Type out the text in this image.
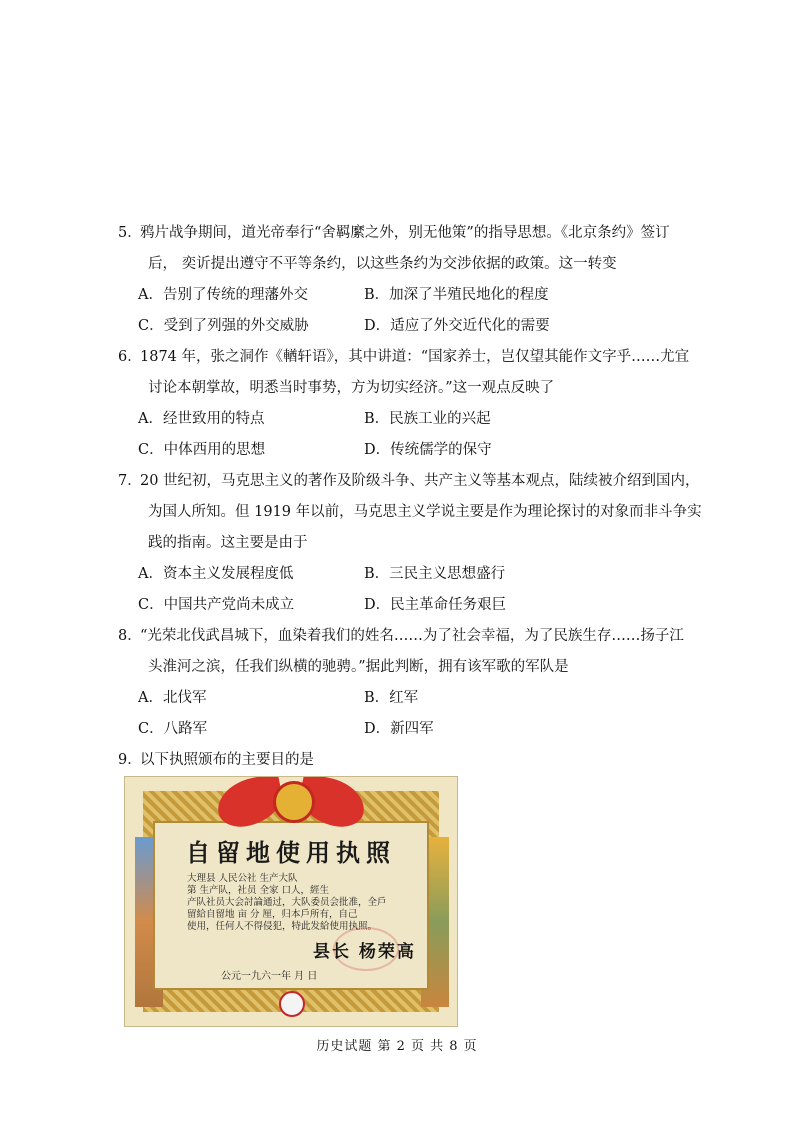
5．
鸦片战争期间，道光帝奉行“舍羁縻之外，别无他策”的指导思想。《北京条约》签订
后， 奕䜣提出遵守不平等条约，以这些条约为交涉依据的政策。这一转变
A．告别了传统的理藩外交	B．加深了半殖民地化的程度
C．受到了列强的外交威胁	D．适应了外交近代化的需要
6．
1874 年，张之洞作《輶轩语》，其中讲道：“国家养士，岂仅望其能作文字乎……尤宜
讨论本朝掌故，明悉当时事势，方为切实经济。”这一观点反映了
A．经世致用的特点	B．民族工业的兴起
C．中体西用的思想	D．传统儒学的保守
7．
20 世纪初，马克思主义的著作及阶级斗争、共产主义等基本观点，陆续被介绍到国内，
为国人所知。但 1919 年以前，马克思主义学说主要是作为理论探讨的对象而非斗争实
践的指南。这主要是由于
A．资本主义发展程度低	B．三民主义思想盛行
C．中国共产党尚未成立	D．民主革命任务艰巨
8．
“光荣北伐武昌城下，血染着我们的姓名……为了社会幸福，为了民族生存……扬子江
头淮河之滨，任我们纵横的驰骋。”据此判断，拥有该军歌的军队是
A．北伐军	B．红军
C．八路军	D．新四军
9．
以下执照颁布的主要目的是
自留地使用执照
大理县 人民公社 生产大队
第 生产队，社员 全家 口人，經生
产队社员大会討論通过，大队委员会批准，全戶
留給自留地 亩 分 厘，归本戶所有，自己
使用，任何人不得侵犯，特此发給使用执照。
县长 杨荣高
公元一九六一年 月 日
历史试题 第 2 页 共 8 页
